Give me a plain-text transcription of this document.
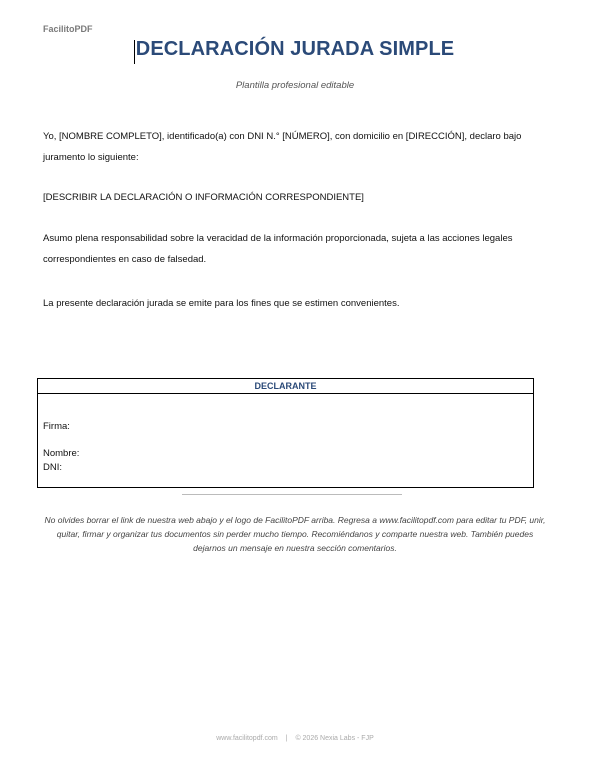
FacilitoPDF
DECLARACIÓN JURADA SIMPLE
Plantilla profesional editable
Yo, [NOMBRE COMPLETO], identificado(a) con DNI N.° [NÚMERO], con domicilio en [DIRECCIÓN], declaro bajo juramento lo siguiente:
[DESCRIBIR LA DECLARACIÓN O INFORMACIÓN CORRESPONDIENTE]
Asumo plena responsabilidad sobre la veracidad de la información proporcionada, sujeta a las acciones legales correspondientes en caso de falsedad.
La presente declaración jurada se emite para los fines que se estimen convenientes.
DECLARANTE
Firma:
Nombre:
DNI:
No olvides borrar el link de nuestra web abajo y el logo de FacilitoPDF arriba. Regresa a www.facilitopdf.com para editar tu PDF, unir, quitar, firmar y organizar tus documentos sin perder mucho tiempo. Recomiéndanos y comparte nuestra web. También puedes dejarnos un mensaje en nuestra sección comentarios.
www.facilitopdf.com | © 2026 Nexia Labs - FJP
